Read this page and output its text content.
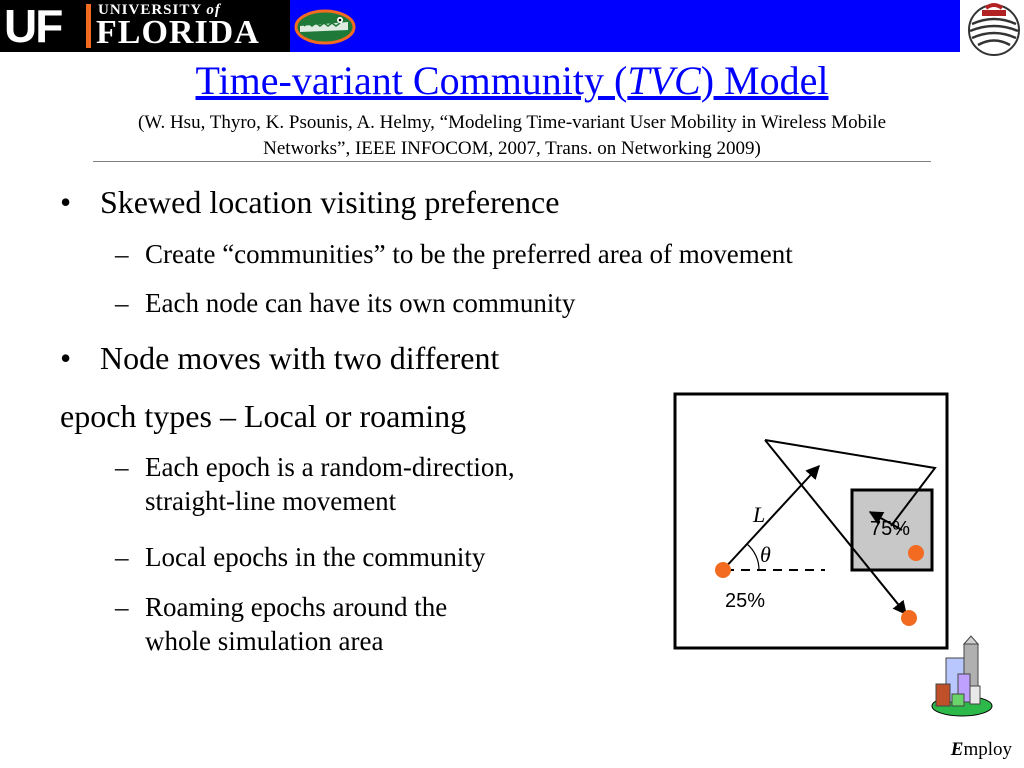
UF UNIVERSITY of
FLORIDA
Time-variant Community (TVC) Model
(W. Hsu, Thyro, K. Psounis, A. Helmy, “Modeling Time-variant User Mobility in Wireless Mobile
Networks”, IEEE INFOCOM, 2007, Trans. on Networking 2009)
• Skewed location visiting preference
– Create “communities” to be the preferred area of movement
– Each node can have its own community
• Node moves with two different
epoch types – Local or roaming
– Each epoch is a random-direction,
straight-line movement
– Local epochs in the community
– Roaming epochs around the
whole simulation area
L
θ
75%
25%
Employ
